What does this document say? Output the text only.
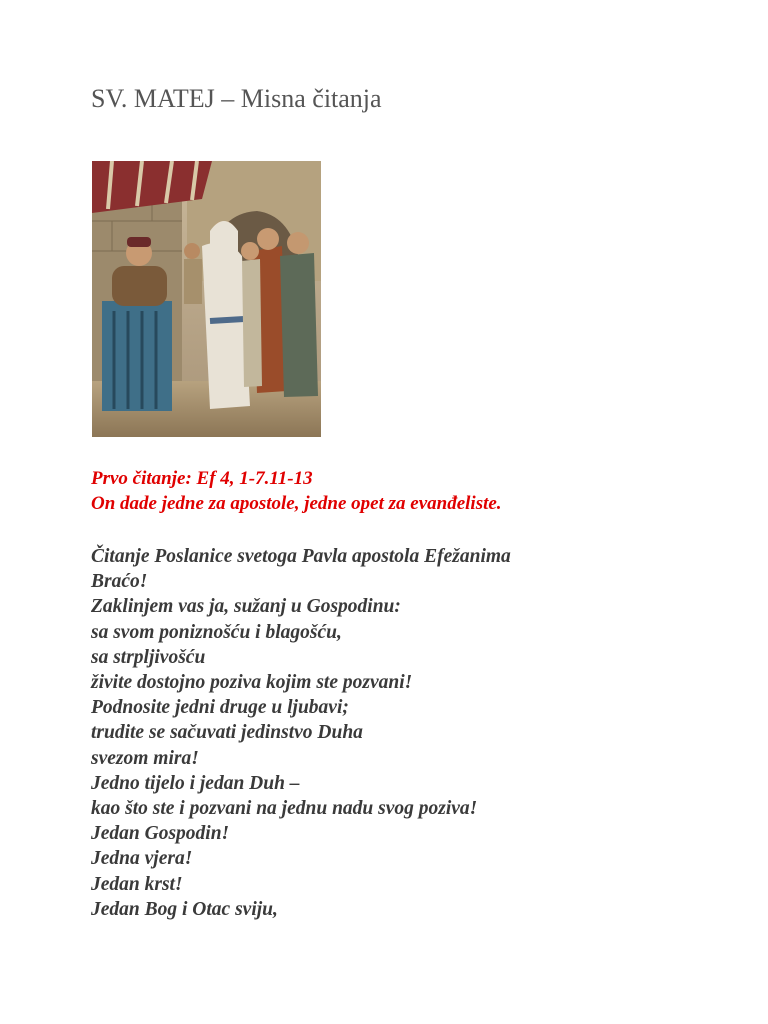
SV. MATEJ – Misna čitanja
Prvo čitanje: Ef 4, 1-7.11-13
On dade jedne za apostole, jedne opet za evanđeliste.
Čitanje Poslanice svetoga Pavla apostola Efežanima
Braćo!
Zaklinjem vas ja, sužanj u Gospodinu:
sa svom poniznošću i blagošću,
sa strpljivošću
živite dostojno poziva kojim ste pozvani!
Podnosite jedni druge u ljubavi;
trudite se sačuvati jedinstvo Duha
svezom mira!
Jedno tijelo i jedan Duh –
kao što ste i pozvani na jednu nadu svog poziva!
Jedan Gospodin!
Jedna vjera!
Jedan krst!
Jedan Bog i Otac sviju,
